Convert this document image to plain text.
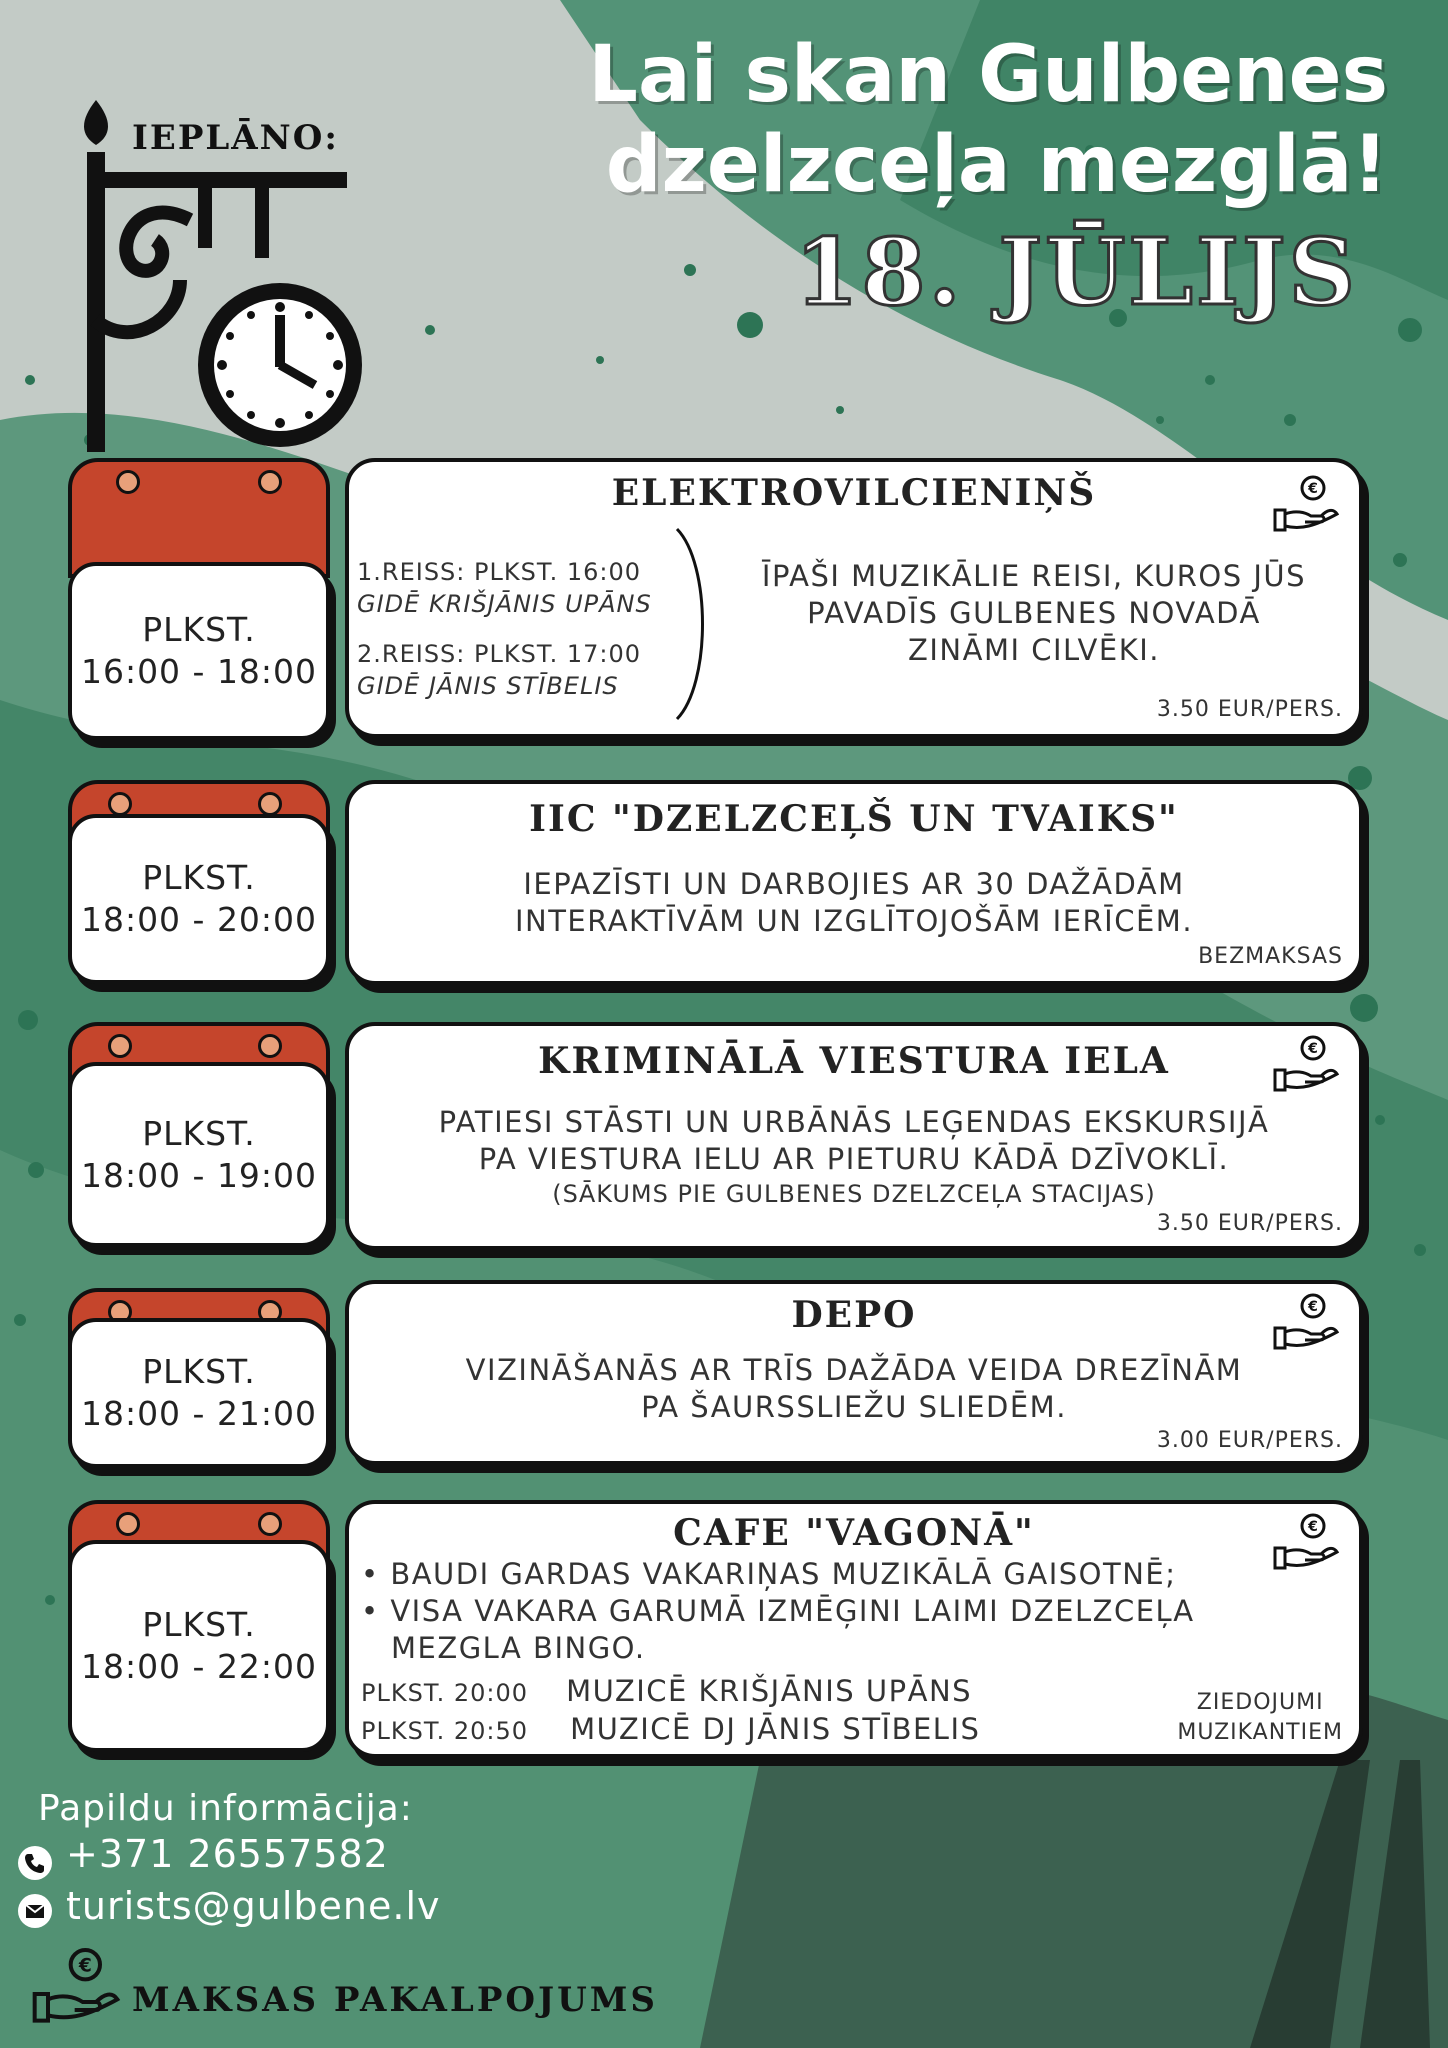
IEPLĀNO:
Lai skan Gulbenes
dzelzceļa mezglā!
18. JŪLIJS
PLKST.
16:00 - 18:00
ELEKTROVILCIENIŅŠ	€
1.REISS: PLKST. 16:00
GIDĒ KRIŠJĀNIS UPĀNS
2.REISS: PLKST. 17:00
GIDĒ JĀNIS STĪBELIS
ĪPAŠI MUZIKĀLIE REISI, KUROS JŪS
PAVADĪS GULBENES NOVADĀ
ZINĀMI CILVĒKI.
3.50 EUR/PERS.
PLKST.
18:00 - 20:00
IIC "DZELZCEĻŠ UN TVAIKS"
IEPAZĪSTI UN DARBOJIES AR 30 DAŽĀDĀM
INTERAKTĪVĀM UN IZGLĪTOJOŠĀM IERĪCĒM.
BEZMAKSAS
PLKST.
18:00 - 19:00
KRIMINĀLĀ VIESTURA IELA	€
PATIESI STĀSTI UN URBĀNĀS LEĢENDAS EKSKURSIJĀ
PA VIESTURA IELU AR PIETURU KĀDĀ DZĪVOKLĪ.
(SĀKUMS PIE GULBENES DZELZCEĻA STACIJAS)
3.50 EUR/PERS.
PLKST.
18:00 - 21:00
DEPO	€
VIZINĀŠANĀS AR TRĪS DAŽĀDA VEIDA DREZĪNĀM
PA ŠAURSSLIEŽU SLIEDĒM.
3.00 EUR/PERS.
PLKST.
18:00 - 22:00
CAFE "VAGONĀ"	€
• BAUDI GARDAS VAKARIŅAS MUZIKĀLĀ GAISOTNĒ;
• VISA VAKARA GARUMĀ IZMĒĢINI LAIMI DZELZCEĻA
MEZGLA BINGO.
PLKST. 20:00 MUZICĒ KRIŠJĀNIS UPĀNS
PLKST. 20:50 MUZICĒ DJ JĀNIS STĪBELIS
ZIEDOJUMI
MUZIKANTIEM
Papildu informācija:
+371 26557582
turists@gulbene.lv
€
MAKSAS PAKALPOJUMS
